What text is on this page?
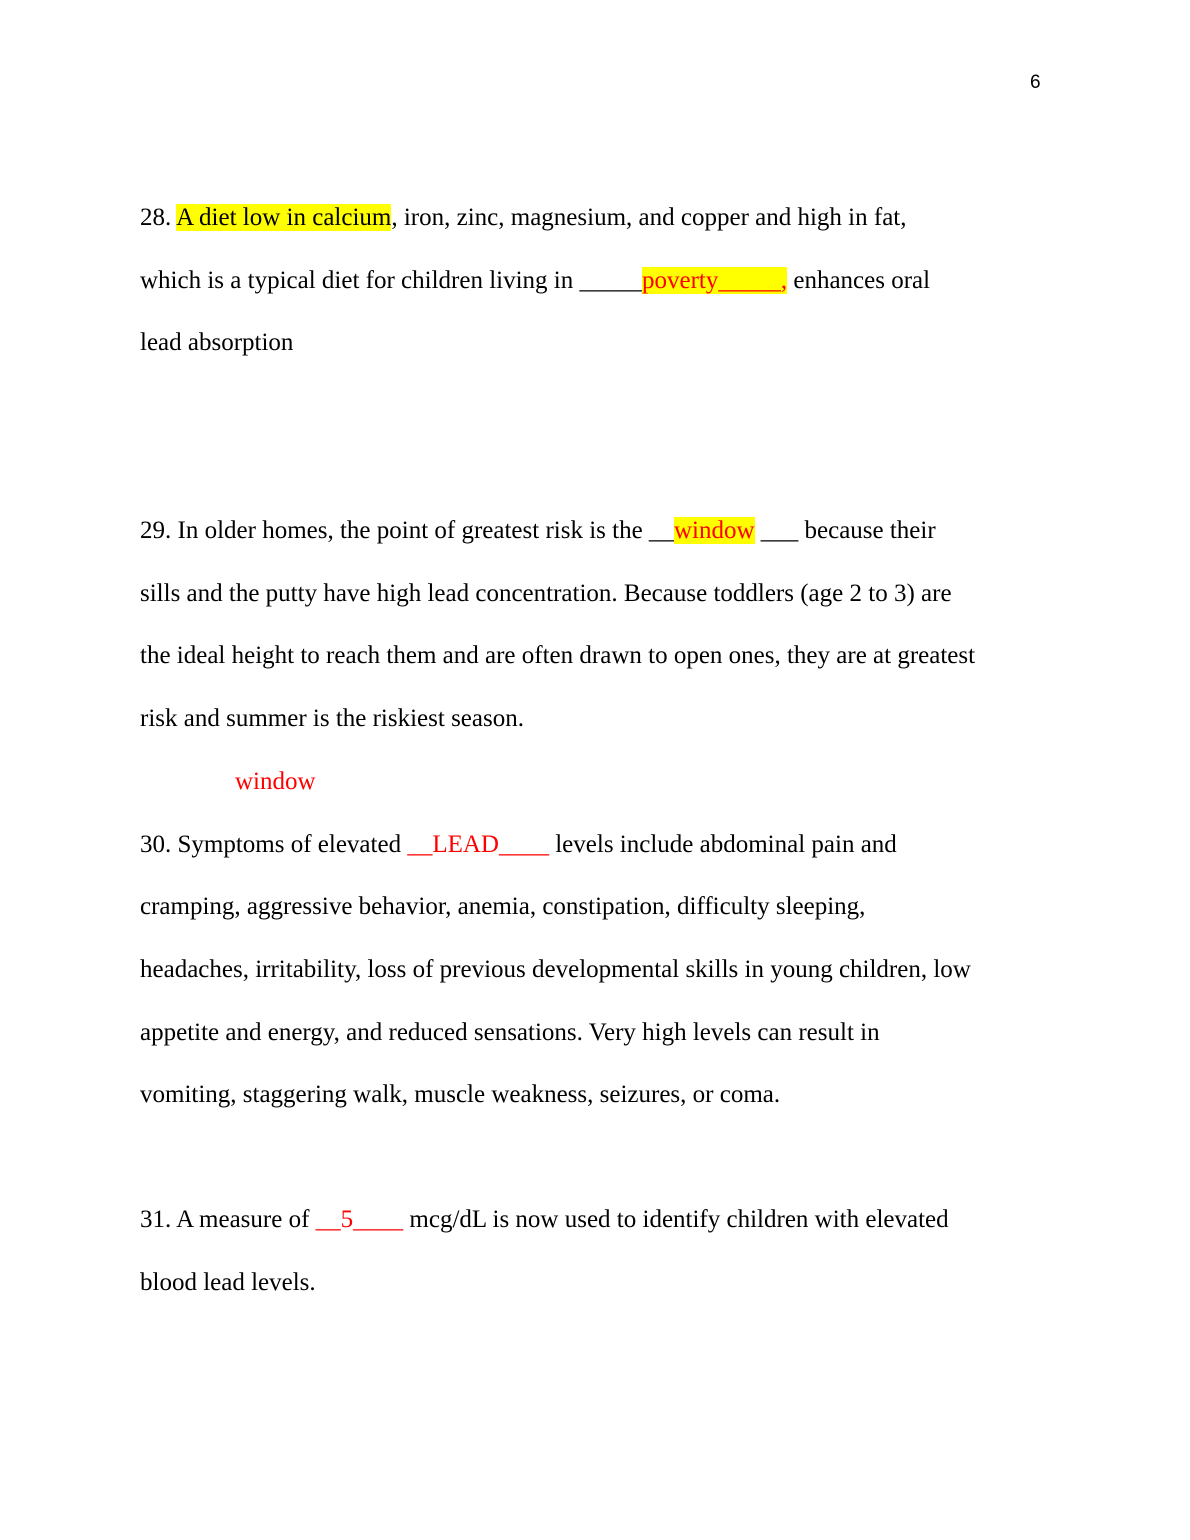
6

28. A diet low in calcium, iron, zinc, magnesium, and copper and high in fat,

which is a typical diet for children living in _____poverty_____, enhances oral

lead absorption

29. In older homes, the point of greatest risk is the __window ___ because their

sills and the putty have high lead concentration. Because toddlers (age 2 to 3) are

the ideal height to reach them and are often drawn to open ones, they are at greatest

risk and summer is the riskiest season.

window

30. Symptoms of elevated __LEAD____ levels include abdominal pain and

cramping, aggressive behavior, anemia, constipation, difficulty sleeping,

headaches, irritability, loss of previous developmental skills in young children, low

appetite and energy, and reduced sensations. Very high levels can result in

vomiting, staggering walk, muscle weakness, seizures, or coma.

31. A measure of __5____ mcg/dL is now used to identify children with elevated

blood lead levels.
